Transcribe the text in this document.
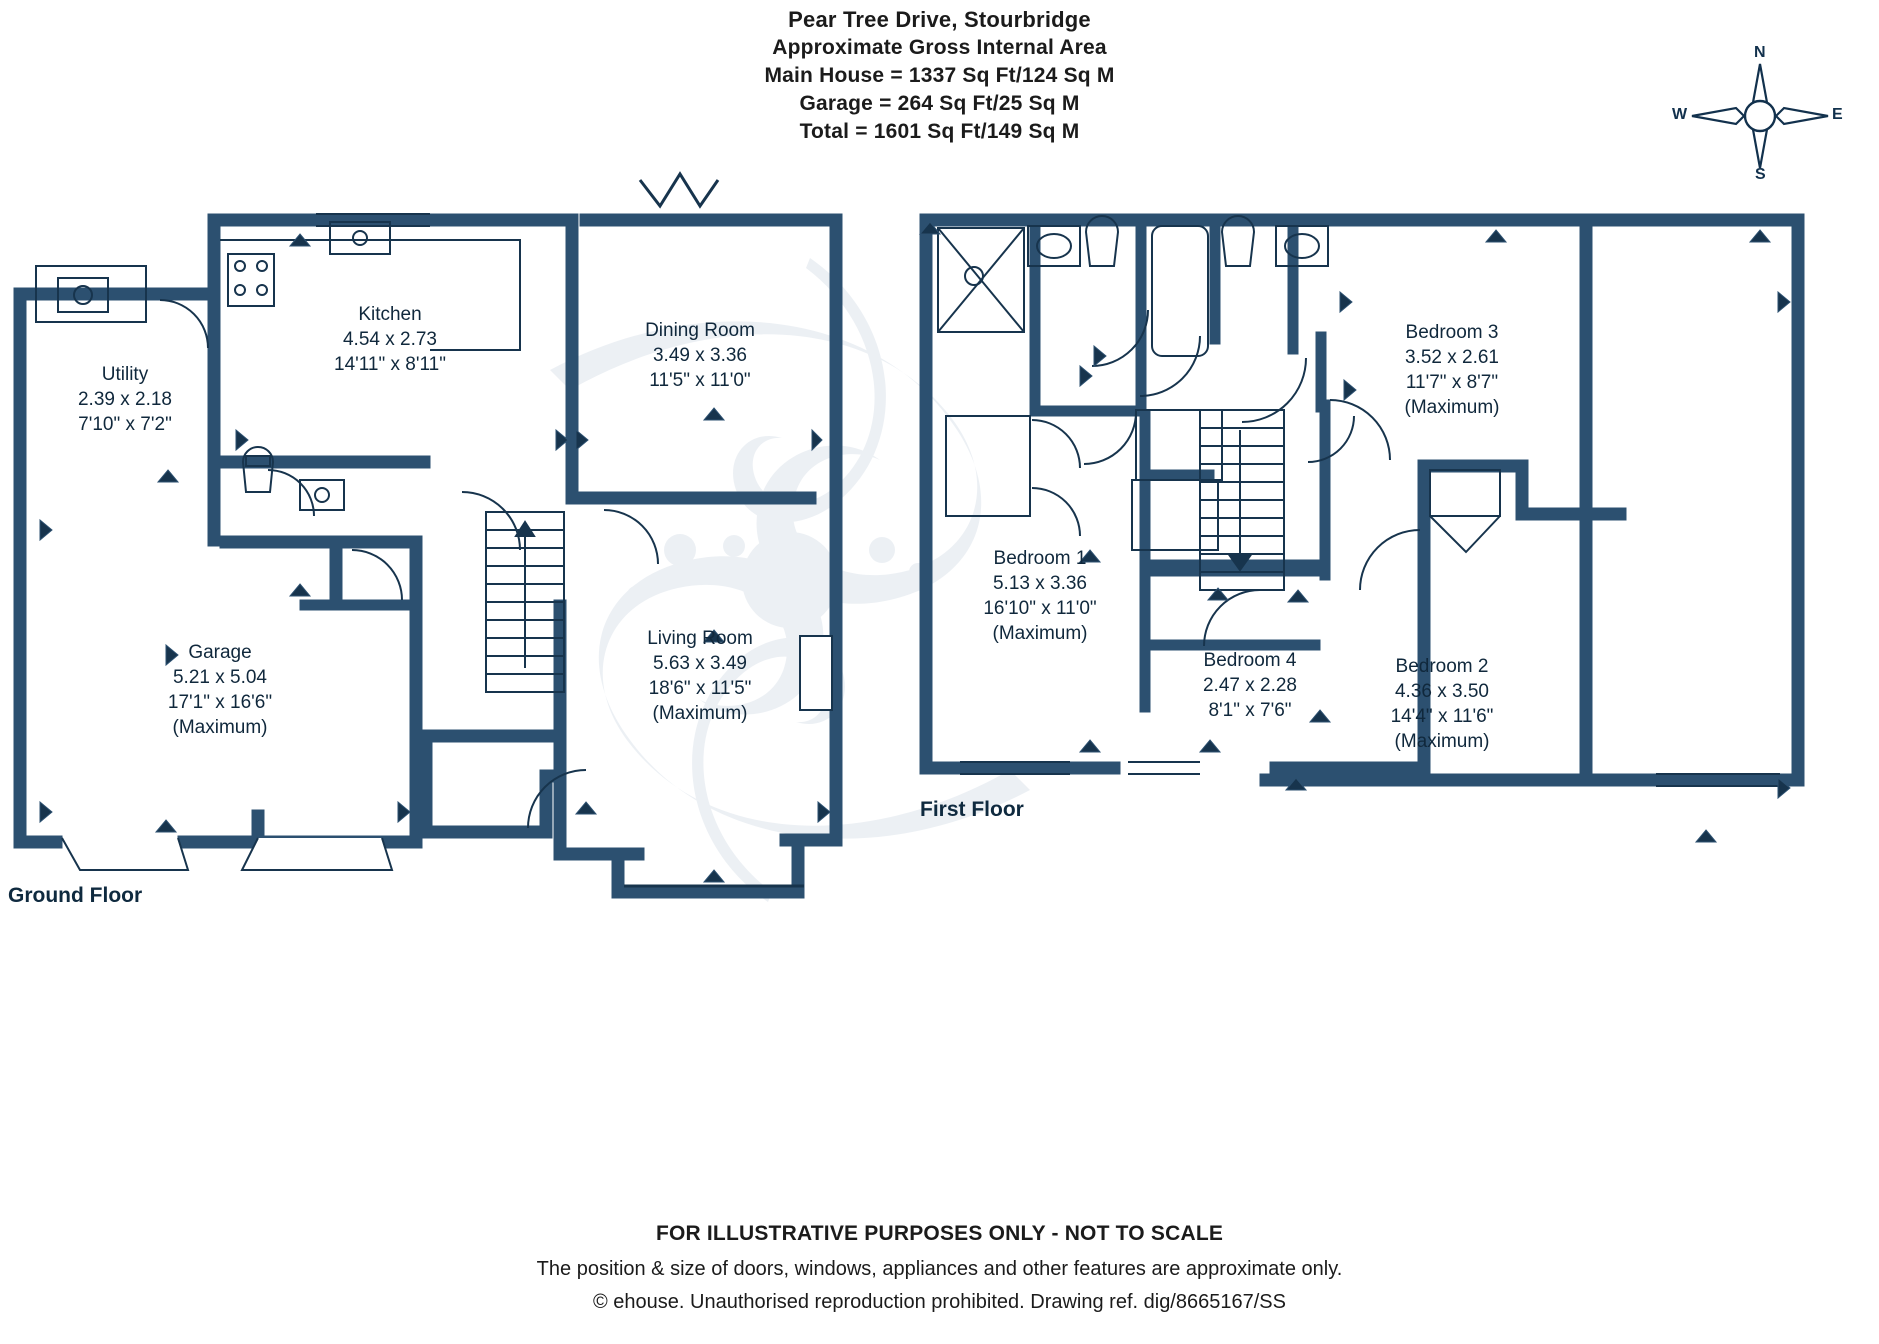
Pear Tree Drive, Stourbridge
Approximate Gross Internal Area
Main House = 1337 Sq Ft/124 Sq M
Garage = 264 Sq Ft/25 Sq M
Total = 1601 Sq Ft/149 Sq M
N
E
S
W
Ground Floor
First Floor
Kitchen
4.54 x 2.73
14'11" x 8'11"
Dining Room
3.49 x 3.36
11'5" x 11'0"
Utility
2.39 x 2.18
7'10" x 7'2"
Garage
5.21 x 5.04
17'1" x 16'6"
(Maximum)
Living Room
5.63 x 3.49
18'6" x 11'5"
(Maximum)
Bedroom 1
5.13 x 3.36
16'10" x 11'0"
(Maximum)
Bedroom 2
4.36 x 3.50
14'4" x 11'6"
(Maximum)
Bedroom 3
3.52 x 2.61
11'7" x 8'7"
(Maximum)
Bedroom 4
2.47 x 2.28
8'1" x 7'6"
FOR ILLUSTRATIVE PURPOSES ONLY - NOT TO SCALE
The position & size of doors, windows, appliances and other features are approximate only.
© ehouse. Unauthorised reproduction prohibited. Drawing ref. dig/8665167/SS
